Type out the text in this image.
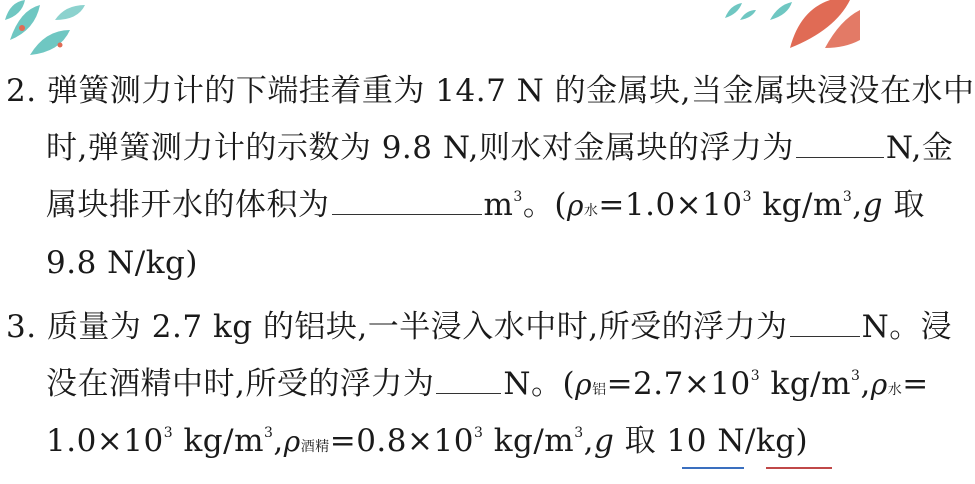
2. 弹簧测力计的下端挂着重为 14.7 N 的金属块,当金属块浸没在水中
时,弹簧测力计的示数为 9.8 N,则水对金属块的浮力为	N,金
属块排开水的体积为	$m^3$。(ρ水$=1.0\times 10^3$ $kg/m^3,g$ 取
9.8 N/kg)
3. 质量为 2.7 kg 的铝块,一半浸入水中时,所受的浮力为 N。浸
没在酒精中时,所受的浮力为 N。(ρ铝$=2.7\times 10^3$ $kg/m^3,\rho$水=
$1.0\times 10^3$ $kg/m^3,\rho$酒精$=0.8\times 10^3$ $kg/m^3,g$ 取 10 N/kg)
